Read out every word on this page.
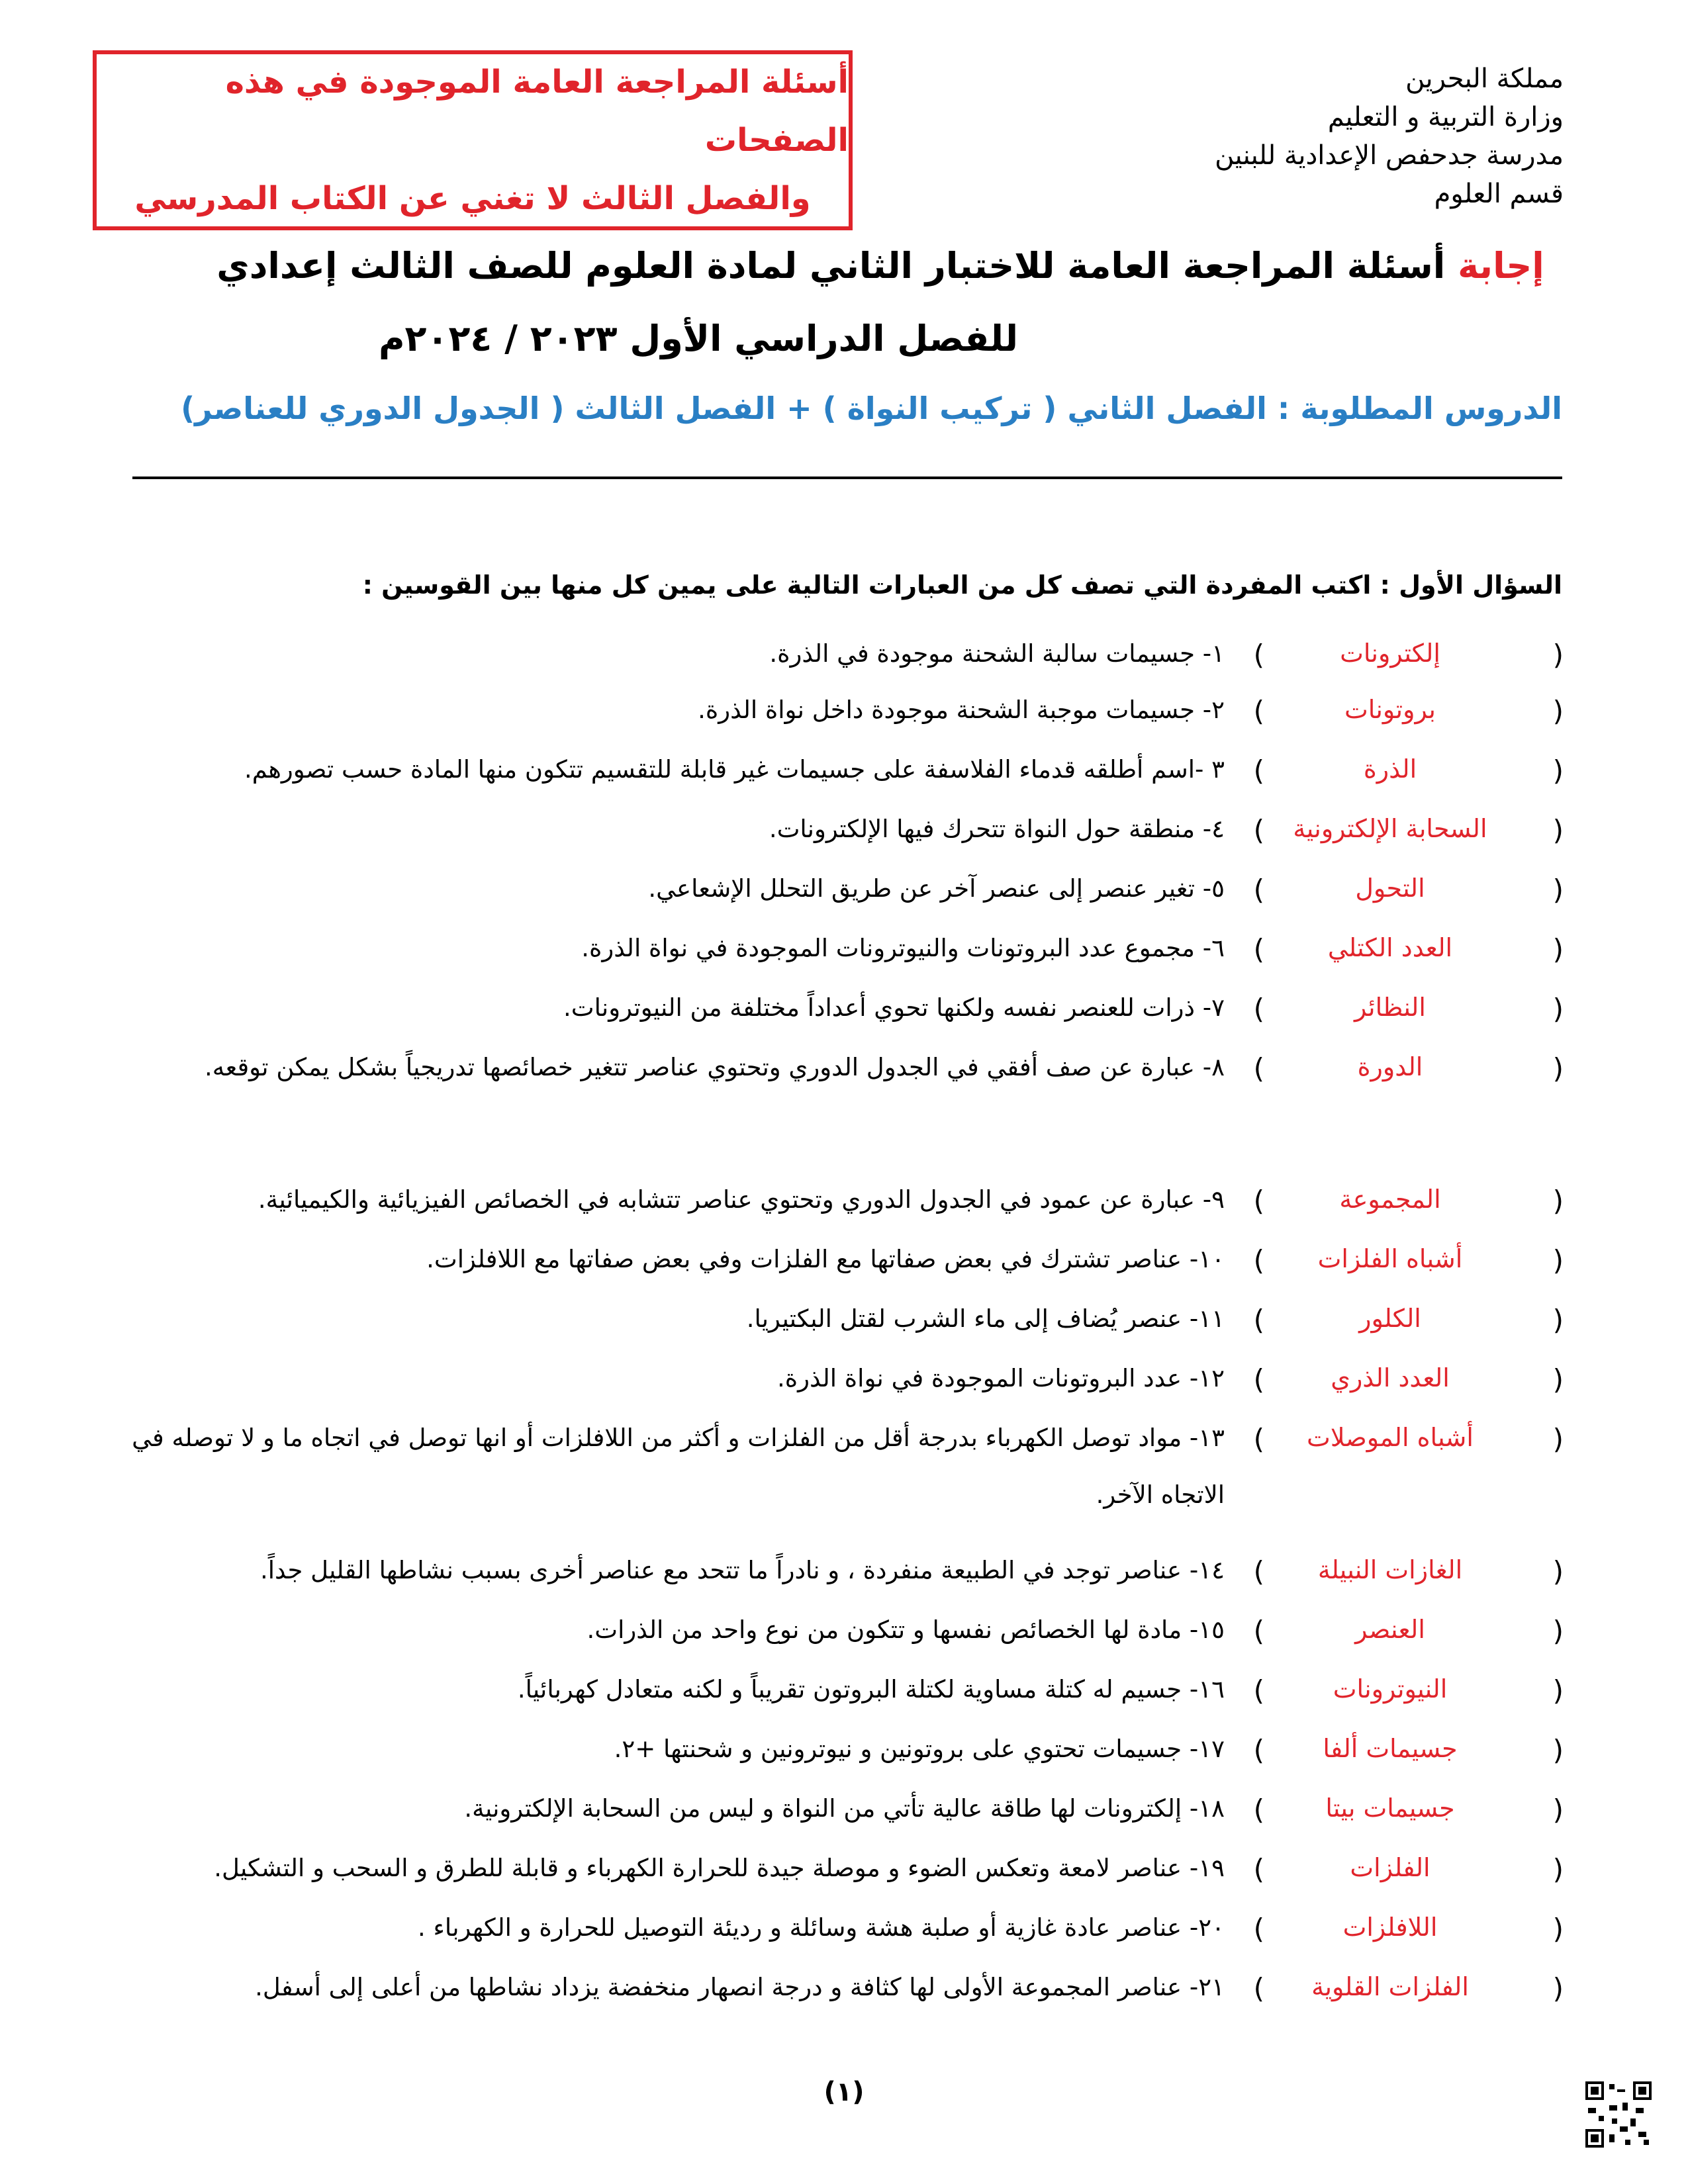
أسئلة المراجعة العامة الموجودة في هذه الصفحات
والفصل الثالث لا تغني عن الكتاب المدرسي
مملكة البحرين
وزارة التربية و التعليم
مدرسة جدحفص الإعدادية للبنين
قسم العلوم
إجابة أسئلة المراجعة العامة للاختبار الثاني لمادة العلوم للصف الثالث إعدادي
للفصل الدراسي الأول ٢٠٢٣ / ٢٠٢٤م
الدروس المطلوبة : الفصل الثاني ( تركيب النواة ) + الفصل الثالث ( الجدول الدوري للعناصر)
السؤال الأول : اكتب المفردة التي تصف كل من العبارات التالية على يمين كل منها بين القوسين :
(
إلكترونات
)
١- جسيمات سالبة الشحنة موجودة في الذرة.
(
بروتونات
)
٢- جسيمات موجبة الشحنة موجودة داخل نواة الذرة.
(
الذرة
)
٣ -اسم أطلقه قدماء الفلاسفة على جسيمات غير قابلة للتقسيم تتكون منها المادة حسب تصورهم.
(
السحابة الإلكترونية
)
٤- منطقة حول النواة تتحرك فيها الإلكترونات.
(
التحول
)
٥- تغير عنصر إلى عنصر آخر عن طريق التحلل الإشعاعي.
(
العدد الكتلي
)
٦- مجموع عدد البروتونات والنيوترونات الموجودة في نواة الذرة.
(
النظائر
)
٧- ذرات للعنصر نفسه ولكنها تحوي أعداداً مختلفة من النيوترونات.
(
الدورة
)
٨- عبارة عن صف أفقي في الجدول الدوري وتحتوي عناصر تتغير خصائصها تدريجياً بشكل يمكن توقعه.
(
المجموعة
)
٩- عبارة عن عمود في الجدول الدوري وتحتوي عناصر تتشابه في الخصائص الفيزيائية والكيميائية.
(
أشباه الفلزات
)
١٠- عناصر تشترك في بعض صفاتها مع الفلزات وفي بعض صفاتها مع اللافلزات.
(
الكلور
)
١١- عنصر يُضاف إلى ماء الشرب لقتل البكتيريا.
(
العدد الذري
)
١٢- عدد البروتونات الموجودة في نواة الذرة.
(
أشباه الموصلات
)
١٣- مواد توصل الكهرباء بدرجة أقل من الفلزات و أكثر من اللافلزات أو انها توصل في اتجاه ما و لا توصله في الاتجاه الآخر.
(
الغازات النبيلة
)
١٤- عناصر توجد في الطبيعة منفردة ، و نادراً ما تتحد مع عناصر أخرى بسبب نشاطها القليل جداً.
(
العنصر
)
١٥- مادة لها الخصائص نفسها و تتكون من نوع واحد من الذرات.
(
النيوترونات
)
١٦- جسيم له كتلة مساوية لكتلة البروتون تقريباً و لكنه متعادل كهربائياً.
(
جسيمات ألفا
)
١٧- جسيمات تحتوي على بروتونين و نيوترونين و شحنتها +٢.
(
جسيمات بيتا
)
١٨- إلكترونات لها طاقة عالية تأتي من النواة و ليس من السحابة الإلكترونية.
(
الفلزات
)
١٩- عناصر لامعة وتعكس الضوء و موصلة جيدة للحرارة الكهرباء و قابلة للطرق و السحب و التشكيل.
(
اللافلزات
)
٢٠- عناصر عادة غازية أو صلبة هشة وسائلة و رديئة التوصيل للحرارة و الكهرباء .
(
الفلزات القلوية
)
٢١- عناصر المجموعة الأولى لها كثافة و درجة انصهار منخفضة يزداد نشاطها من أعلى إلى أسفل.
(١)
